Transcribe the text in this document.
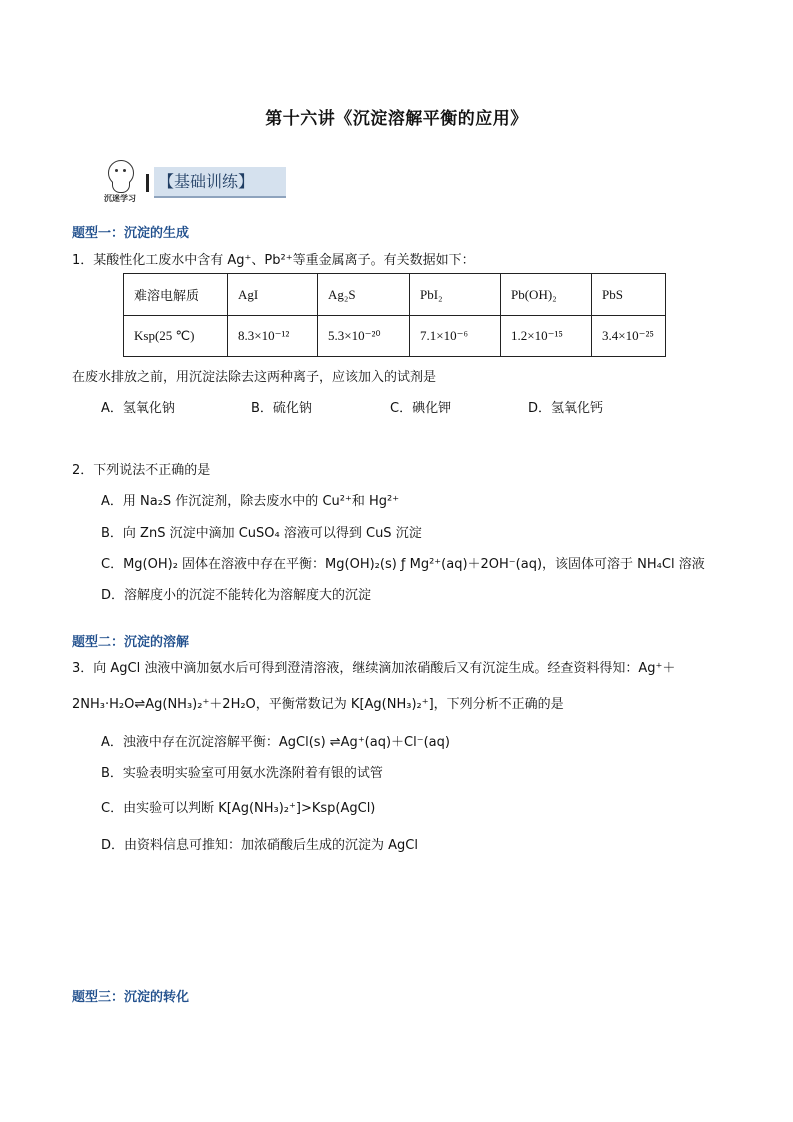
第十六讲《沉淀溶解平衡的应用》
沉迷学习
【基础训练】
题型一：沉淀的生成
1．某酸性化工废水中含有 Ag⁺、Pb²⁺等重金属离子。有关数据如下：
难溶电解质	AgI	Ag₂S	PbI₂	Pb(OH)₂	PbS
Ksp(25 ℃)	8.3×10⁻¹²	5.3×10⁻²⁰	7.1×10⁻⁶	1.2×10⁻¹⁵	3.4×10⁻²⁵
在废水排放之前，用沉淀法除去这两种离子，应该加入的试剂是
A．氢氧化钠	B．硫化钠	C．碘化钾	D．氢氧化钙
2．下列说法不正确的是
A．用 Na₂S 作沉淀剂，除去废水中的 Cu²⁺和 Hg²⁺
B．向 ZnS 沉淀中滴加 CuSO₄ 溶液可以得到 CuS 沉淀
C．Mg(OH)₂ 固体在溶液中存在平衡：Mg(OH)₂(s) ƒ Mg²⁺(aq)＋2OH⁻(aq)，该固体可溶于 NH₄Cl 溶液
D．溶解度小的沉淀不能转化为溶解度大的沉淀
题型二：沉淀的溶解
3．向 AgCl 浊液中滴加氨水后可得到澄清溶液，继续滴加浓硝酸后又有沉淀生成。经查资料得知：Ag⁺＋
2NH₃·H₂O⇌Ag(NH₃)₂⁺＋2H₂O，平衡常数记为 K[Ag(NH₃)₂⁺]，下列分析不正确的是
A．浊液中存在沉淀溶解平衡：AgCl(s) ⇌Ag⁺(aq)＋Cl⁻(aq)
B．实验表明实验室可用氨水洗涤附着有银的试管
C．由实验可以判断 K[Ag(NH₃)₂⁺]>Ksp(AgCl)
D．由资料信息可推知：加浓硝酸后生成的沉淀为 AgCl
题型三：沉淀的转化
